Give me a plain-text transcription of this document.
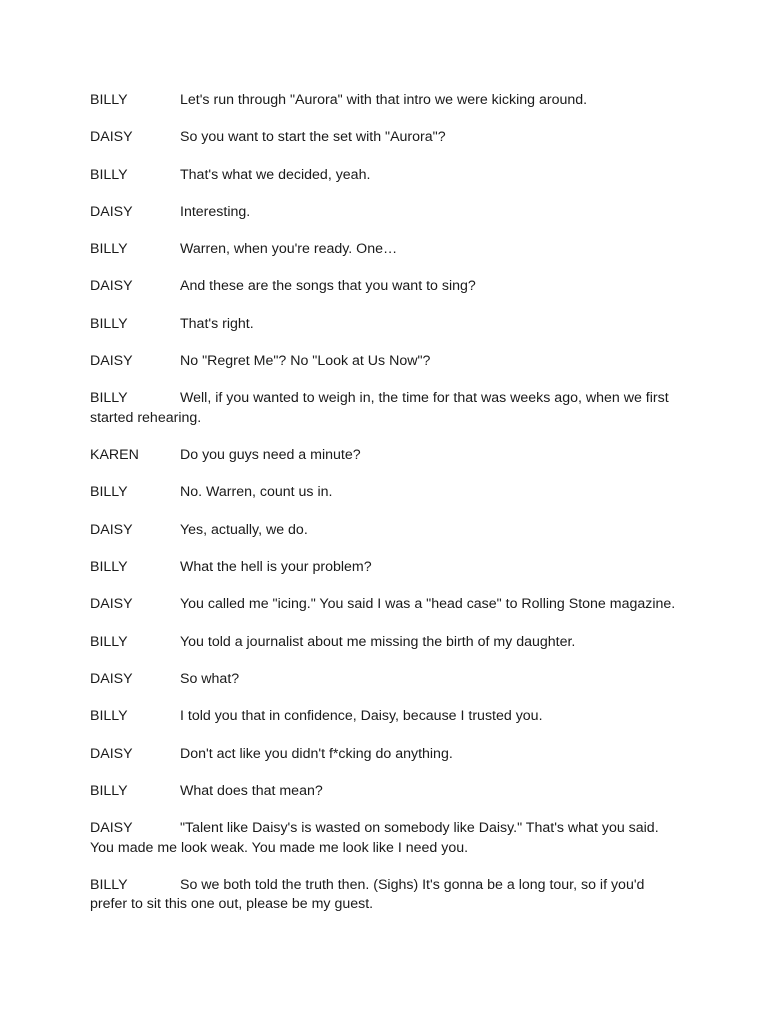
BILLY	Let's run through "Aurora" with that intro we were kicking around.

DAISY	So you want to start the set with "Aurora"?

BILLY	That's what we decided, yeah.

DAISY	Interesting.

BILLY	Warren, when you're ready. One…

DAISY	And these are the songs that you want to sing?

BILLY	That's right.

DAISY	No "Regret Me"? No "Look at Us Now"?

BILLY	Well, if you wanted to weigh in, the time for that was weeks ago, when we first started rehearing.

KAREN	Do you guys need a minute?

BILLY	No. Warren, count us in.

DAISY	Yes, actually, we do.

BILLY	What the hell is your problem?

DAISY	You called me "icing." You said I was a "head case" to Rolling Stone magazine.

BILLY	You told a journalist about me missing the birth of my daughter.

DAISY	So what?

BILLY	I told you that in confidence, Daisy, because I trusted you.

DAISY	Don't act like you didn't f*cking do anything.

BILLY	What does that mean?

DAISY	"Talent like Daisy's is wasted on somebody like Daisy." That's what you said. You made me look weak. You made me look like I need you.

BILLY	So we both told the truth then. (Sighs) It's gonna be a long tour, so if you'd prefer to sit this one out, please be my guest.
